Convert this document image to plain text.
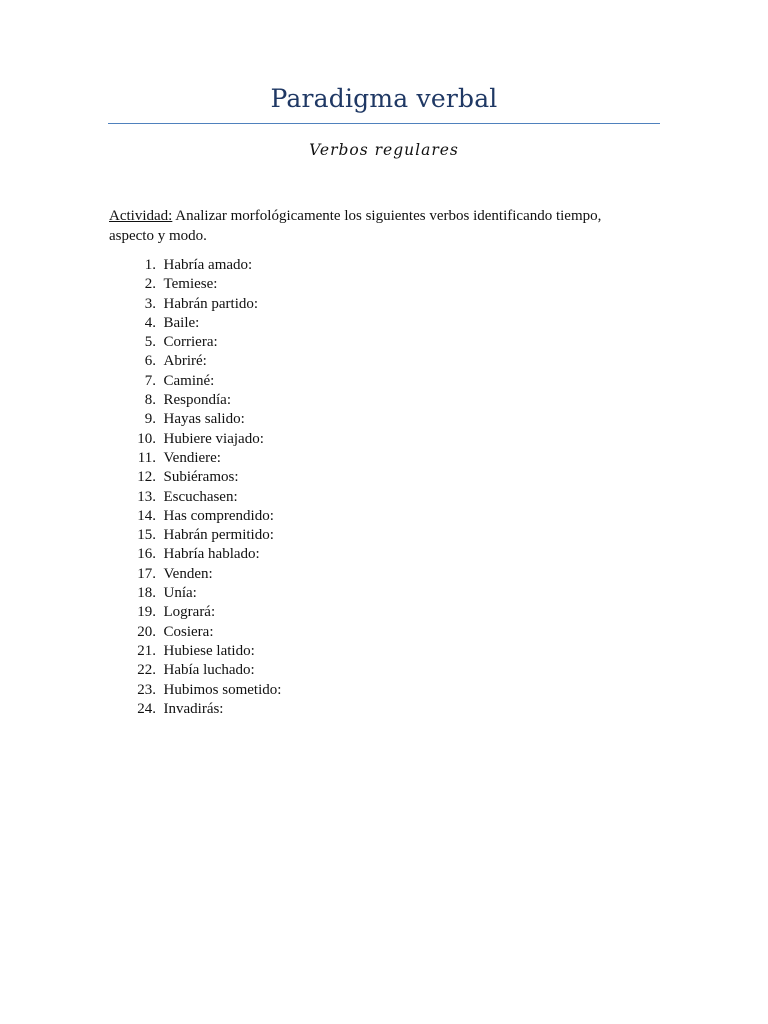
Paradigma verbal
Verbos regulares
Actividad: Analizar morfológicamente los siguientes verbos identificando tiempo, aspecto y modo.
1. Habría amado:
2. Temiese:
3. Habrán partido:
4. Baile:
5. Corriera:
6. Abriré:
7. Caminé:
8. Respondía:
9. Hayas salido:
10. Hubiere viajado:
11. Vendiere:
12. Subiéramos:
13. Escuchasen:
14. Has comprendido:
15. Habrán permitido:
16. Habría hablado:
17. Venden:
18. Unía:
19. Logrará:
20. Cosiera:
21. Hubiese latido:
22. Había luchado:
23. Hubimos sometido:
24. Invadirás:
